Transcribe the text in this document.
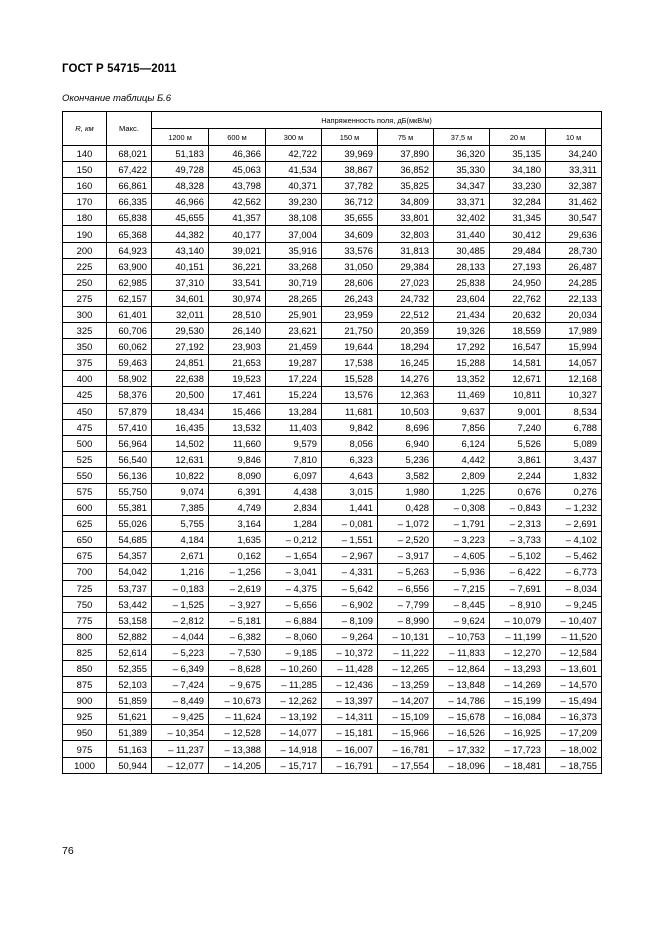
ГОСТ Р 54715—2011
Окончание таблицы Б.6
R, км	Макс.	Напряженность поля, дБ(мкВ/м)							
		1200 м	600 м	300 м	150 м	75 м	37,5 м	20 м	10 м
140	68,021	51,183	46,366	42,722	39,969	37,890	36,320	35,135	34,240
150	67,422	49,728	45,063	41,534	38,867	36,852	35,330	34,180	33,311
160	66,861	48,328	43,798	40,371	37,782	35,825	34,347	33,230	32,387
170	66,335	46,966	42,562	39,230	36,712	34,809	33,371	32,284	31,462
180	65,838	45,655	41,357	38,108	35,655	33,801	32,402	31,345	30,547
190	65,368	44,382	40,177	37,004	34,609	32,803	31,440	30,412	29,636
200	64,923	43,140	39,021	35,916	33,576	31,813	30,485	29,484	28,730
225	63,900	40,151	36,221	33,268	31,050	29,384	28,133	27,193	26,487
250	62,985	37,310	33,541	30,719	28,606	27,023	25,838	24,950	24,285
275	62,157	34,601	30,974	28,265	26,243	24,732	23,604	22,762	22,133
300	61,401	32,011	28,510	25,901	23,959	22,512	21,434	20,632	20,034
325	60,706	29,530	26,140	23,621	21,750	20,359	19,326	18,559	17,989
350	60,062	27,192	23,903	21,459	19,644	18,294	17,292	16,547	15,994
375	59,463	24,851	21,653	19,287	17,538	16,245	15,288	14,581	14,057
400	58,902	22,638	19,523	17,224	15,528	14,276	13,352	12,671	12,168
425	58,376	20,500	17,461	15,224	13,576	12,363	11,469	10,811	10,327
450	57,879	18,434	15,466	13,284	11,681	10,503	9,637	9,001	8,534
475	57,410	16,435	13,532	11,403	9,842	8,696	7,856	7,240	6,788
500	56,964	14,502	11,660	9,579	8,056	6,940	6,124	5,526	5,089
525	56,540	12,631	9,846	7,810	6,323	5,236	4,442	3,861	3,437
550	56,136	10,822	8,090	6,097	4,643	3,582	2,809	2,244	1,832
575	55,750	9,074	6,391	4,438	3,015	1,980	1,225	0,676	0,276
600	55,381	7,385	4,749	2,834	1,441	0,428	– 0,308	– 0,843	– 1,232
625	55,026	5,755	3,164	1,284	– 0,081	– 1,072	– 1,791	– 2,313	– 2,691
650	54,685	4,184	1,635	– 0,212	– 1,551	– 2,520	– 3,223	– 3,733	– 4,102
675	54,357	2,671	0,162	– 1,654	– 2,967	– 3,917	– 4,605	– 5,102	– 5,462
700	54,042	1,216	– 1,256	– 3,041	– 4,331	– 5,263	– 5,936	– 6,422	– 6,773
725	53,737	– 0,183	– 2,619	– 4,375	– 5,642	– 6,556	– 7,215	– 7,691	– 8,034
750	53,442	– 1,525	– 3,927	– 5,656	– 6,902	– 7,799	– 8,445	– 8,910	– 9,245
775	53,158	– 2,812	– 5,181	– 6,884	– 8,109	– 8,990	– 9,624	– 10,079	– 10,407
800	52,882	– 4,044	– 6,382	– 8,060	– 9,264	– 10,131	– 10,753	– 11,199	– 11,520
825	52,614	– 5,223	– 7,530	– 9,185	– 10,372	– 11,222	– 11,833	– 12,270	– 12,584
850	52,355	– 6,349	– 8,628	– 10,260	– 11,428	– 12,265	– 12,864	– 13,293	– 13,601
875	52,103	– 7,424	– 9,675	– 11,285	– 12,436	– 13,259	– 13,848	– 14,269	– 14,570
900	51,859	– 8,449	– 10,673	– 12,262	– 13,397	– 14,207	– 14,786	– 15,199	– 15,494
925	51,621	– 9,425	– 11,624	– 13,192	– 14,311	– 15,109	– 15,678	– 16,084	– 16,373
950	51,389	– 10,354	– 12,528	– 14,077	– 15,181	– 15,966	– 16,526	– 16,925	– 17,209
975	51,163	– 11,237	– 13,388	– 14,918	– 16,007	– 16,781	– 17,332	– 17,723	– 18,002
1000	50,944	– 12,077	– 14,205	– 15,717	– 16,791	– 17,554	– 18,096	– 18,481	– 18,755
76
